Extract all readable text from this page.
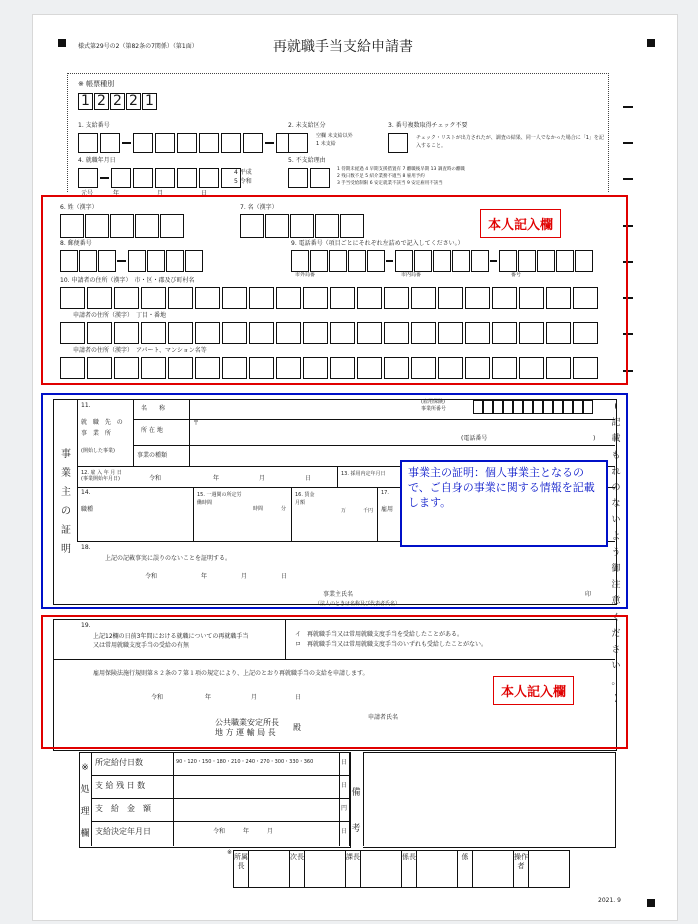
様式第29号の2（第82条の7関係）（第1面）	再就職手当支給申請書
※ 帳票種別
1 2 2 2 1
1. 支給番号	2. 未支給区分
空欄 未支給以外
1 未支給
3. 番号複数取得チェック不要
チェック・リストが出力されたが、調査の結果、同一人でなかった場合に「1」を記入すること。
4. 就職年月日
4 平成
5 令和
元号	年	月	日
5. 不支給理由
1 待期未経過 4 早期支援措置有 7 離職後早期 13 調査時の離職
2 残日数不足 5 紹介業務不適当 8 雇用予約
3 手当受給制限 6 安定就業不該当 9 安定雇用不該当
6. 姓（漢字）	7. 名（漢字）
8. 郵便番号	9. 電話番号（項目ごとにそれぞれ左詰めで記入してください。）
市外局番	市内局番	番号
10. 申請者の住所（漢字）　市・区・郡及び町村名
申請者の住所（漢字）　丁目・番地
申請者の住所（漢字）　アパート、マンション名等
本人記入欄
事業主の証明
11.
就 職 先 の 事 業 所
(開始した事業)
名　　称
所 在 地
〒
(電話番号	)
事業の種類
(雇用保険)
事業所番号
12. 雇 入 年 月 日
(事業開始年月日)	令和	年	月	日
13. 採用内定年月日
14.
職種
15. 一週間の所定労働時間
時間	分
16. 賃金月額
万	千円
17.
雇用
18.
上記の記載事実に誤りのないことを証明する。
令和	年	月	日
事業主氏名
（法人のときは名称及び代表者氏名）
印
事業主の証明：個人事業主となるので、ご自身の事業に関する情報を記載します。
(
記
載
も
れ
の
な
い
よ
う
御
注
意
く
だ
さ
い
。
)
19.
上記12欄の日前3年間における就職についての再就職手当
又は常用就職支度手当の受給の有無
イ　再就職手当又は常用就職支度手当を受給したことがある。
ロ　再就職手当又は常用就職支度手当のいずれも受給したことがない。
雇用保険法施行規則第８２条の７第１項の規定により、上記のとおり再就職手当の支給を申請します。
令和	年	月	日
公共職業安定所長
地 方 運 輸 局 長
殿
申請者氏名
本人記入欄
※処理欄
所定給付日数	90・120・150・180・210・240・270・300・330・360	日
支 給 残 日 数	日
支　給　金　額	円
支給決定年月日	令和　　　年　　　月	日
備考
※
所属長
次長	課長	係長	係	操作者
2021. 9
